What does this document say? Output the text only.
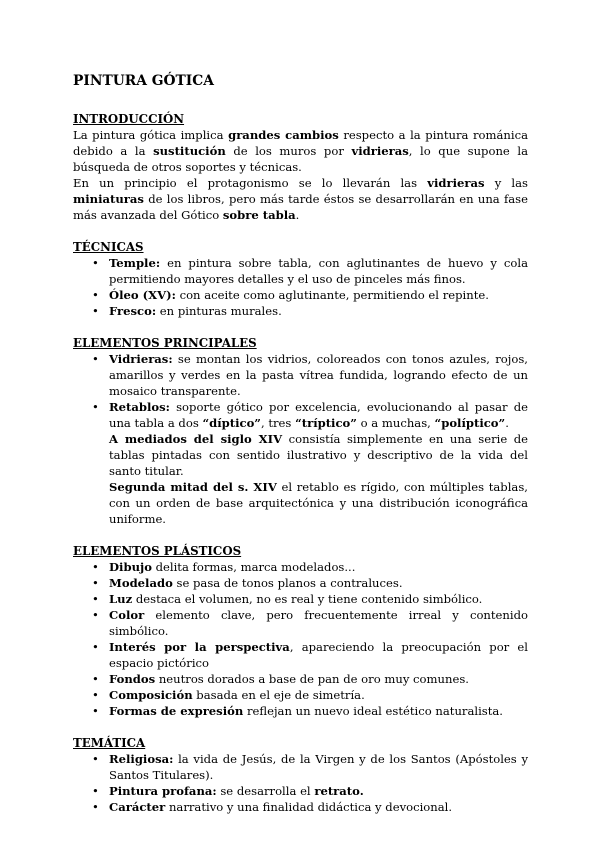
PINTURA GÓTICA
INTRODUCCIÓN

La pintura gótica implica grandes cambios respecto a la pintura románica debido a la sustitución de los muros por vidrieras, lo que supone la búsqueda de otros soportes y técnicas.

En un principio el protagonismo se lo llevarán las vidrieras y las miniaturas de los libros, pero más tarde éstos se desarrollarán en una fase más avanzada del Gótico sobre tabla.

TÉCNICAS
• Temple: en pintura sobre tabla, con aglutinantes de huevo y cola permitiendo mayores detalles y el uso de pinceles más finos.
• Óleo (XV): con aceite como aglutinante, permitiendo el repinte.
• Fresco: en pinturas murales.
ELEMENTOS PRINCIPALES
• Vidrieras: se montan los vidrios, coloreados con tonos azules, rojos, amarillos y verdes en la pasta vítrea fundida, logrando efecto de un mosaico transparente.
• Retablos: soporte gótico por excelencia, evolucionando al pasar de una tabla a dos “díptico”, tres “tríptico” o a muchas, “políptico”.
A mediados del siglo XIV consistía simplemente en una serie de tablas pintadas con sentido ilustrativo y descriptivo de la vida del santo titular.
Segunda mitad del s. XIV el retablo es rígido, con múltiples tablas, con un orden de base arquitectónica y una distribución iconográfica uniforme.
ELEMENTOS PLÁSTICOS
• Dibujo delita formas, marca modelados...
• Modelado se pasa de tonos planos a contraluces.
• Luz destaca el volumen, no es real y tiene contenido simbólico.
• Color elemento clave, pero frecuentemente irreal y contenido simbólico.
• Interés por la perspectiva, apareciendo la preocupación por el espacio pictórico
• Fondos neutros dorados a base de pan de oro muy comunes.
• Composición basada en el eje de simetría.
• Formas de expresión reflejan un nuevo ideal estético naturalista.
TEMÁTICA
• Religiosa: la vida de Jesús, de la Virgen y de los Santos (Apóstoles y Santos Titulares).
• Pintura profana: se desarrolla el retrato.
• Carácter narrativo y una finalidad didáctica y devocional.
